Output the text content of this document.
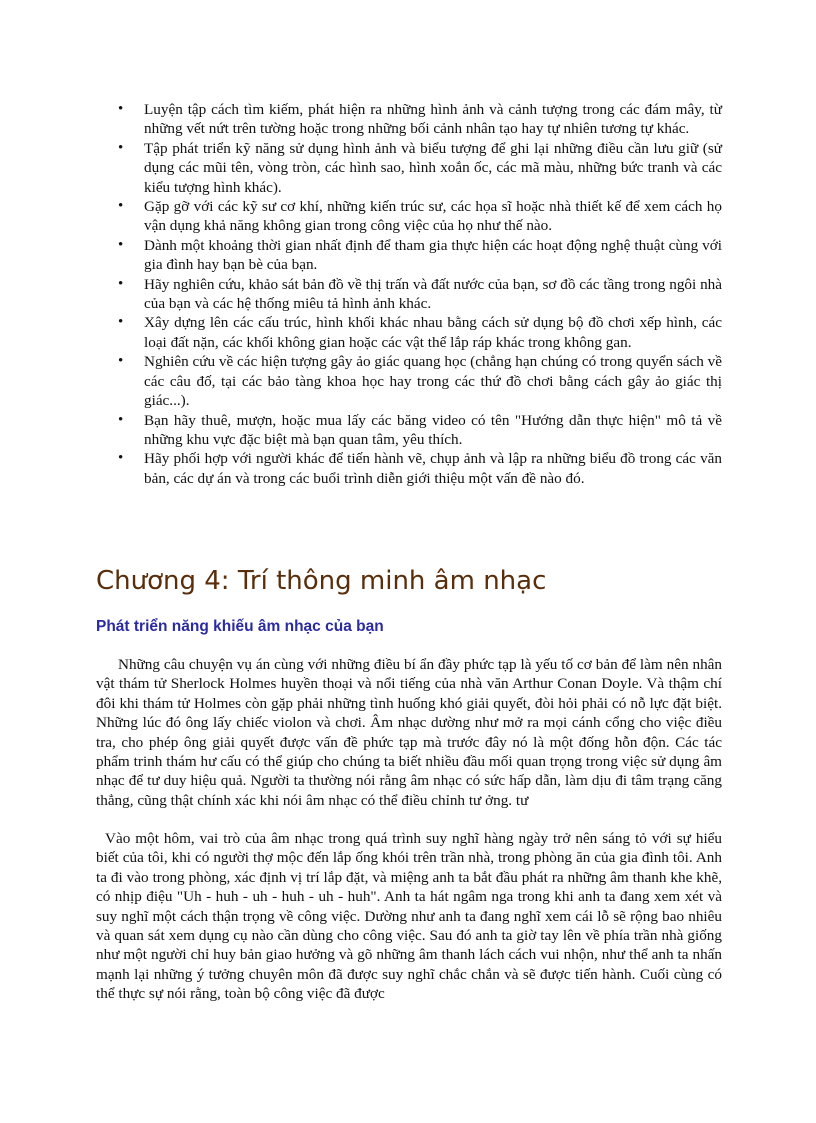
• Luyện tập cách tìm kiếm, phát hiện ra những hình ảnh và cảnh tượng trong các đám mây, từ những vết nứt trên tường hoặc trong những bối cảnh nhân tạo hay tự nhiên tương tự khác.
• Tập phát triển kỹ năng sử dụng hình ảnh và biểu tượng để ghi lại những điều cần lưu giữ (sử dụng các mũi tên, vòng tròn, các hình sao, hình xoắn ốc, các mã màu, những bức tranh và các kiểu tượng hình khác).
• Gặp gỡ với các kỹ sư cơ khí, những kiến trúc sư, các họa sĩ hoặc nhà thiết kế để xem cách họ vận dụng khả năng không gian trong công việc của họ như thế nào.
• Dành một khoảng thời gian nhất định để tham gia thực hiện các hoạt động nghệ thuật cùng với gia đình hay bạn bè của bạn.
• Hãy nghiên cứu, khảo sát bản đồ về thị trấn và đất nước của bạn, sơ đồ các tầng trong ngôi nhà của bạn và các hệ thống miêu tả hình ảnh khác.
• Xây dựng lên các cấu trúc, hình khối khác nhau bằng cách sử dụng bộ đồ chơi xếp hình, các loại đất nặn, các khối không gian hoặc các vật thể lắp ráp khác trong không gan.
• Nghiên cứu về các hiện tượng gây ảo giác quang học (chẳng hạn chúng có trong quyển sách về các câu đố, tại các bảo tàng khoa học hay trong các thứ đồ chơi bằng cách gây ảo giác thị giác...).
• Bạn hãy thuê, mượn, hoặc mua lấy các băng video có tên "Hướng dẫn thực hiện" mô tả về những khu vực đặc biệt mà bạn quan tâm, yêu thích.
• Hãy phối hợp với người khác để tiến hành vẽ, chụp ảnh và lập ra những biểu đồ trong các văn bản, các dự án và trong các buổi trình diễn giới thiệu một vấn đề nào đó.
Chương 4: Trí thông minh âm nhạc
Phát triển năng khiếu âm nhạc của bạn

Những câu chuyện vụ án cùng với những điều bí ẩn đầy phức tạp là yếu tố cơ bản để làm nên nhân vật thám tử Sherlock Holmes huyền thoại và nổi tiếng của nhà văn Arthur Conan Doyle. Và thậm chí đôi khi thám tử Holmes còn gặp phải những tình huống khó giải quyết, đòi hỏi phải có nỗ lực đặt biệt. Những lúc đó ông lấy chiếc violon và chơi. Âm nhạc dường như mở ra mọi cánh cổng cho việc điều tra, cho phép ông giải quyết được vấn đề phức tạp mà trước đây nó là một đống hỗn độn. Các tác phẩm trinh thám hư cấu có thể giúp cho chúng ta biết nhiều đầu mối quan trọng trong việc sử dụng âm nhạc để tư duy hiệu quả. Người ta thường nói rằng âm nhạc có sức hấp dẫn, làm dịu đi tâm trạng căng thẳng, cũng thật chính xác khi nói âm nhạc có thể điều chỉnh tư ởng. tư

Vào một hôm, vai trò của âm nhạc trong quá trình suy nghĩ hàng ngày trở nên sáng tỏ với sự hiểu biết của tôi, khi có người thợ mộc đến lắp ống khói trên trần nhà, trong phòng ăn của gia đình tôi. Anh ta đi vào trong phòng, xác định vị trí lắp đặt, và miệng anh ta bắt đầu phát ra những âm thanh khe khẽ, có nhịp điệu "Uh - huh - uh - huh - uh - huh". Anh ta hát ngâm nga trong khi anh ta đang xem xét và suy nghĩ một cách thận trọng về công việc. Dường như anh ta đang nghĩ xem cái lỗ sẽ rộng bao nhiêu và quan sát xem dụng cụ nào cần dùng cho công việc. Sau đó anh ta giờ tay lên về phía trần nhà giống như một người chỉ huy bản giao hưởng và gõ những âm thanh lách cách vui nhộn, như thể anh ta nhấn mạnh lại những ý tưởng chuyên môn đã được suy nghĩ chắc chắn và sẽ được tiến hành. Cuối cùng có thể thực sự nói rằng, toàn bộ công việc đã được
